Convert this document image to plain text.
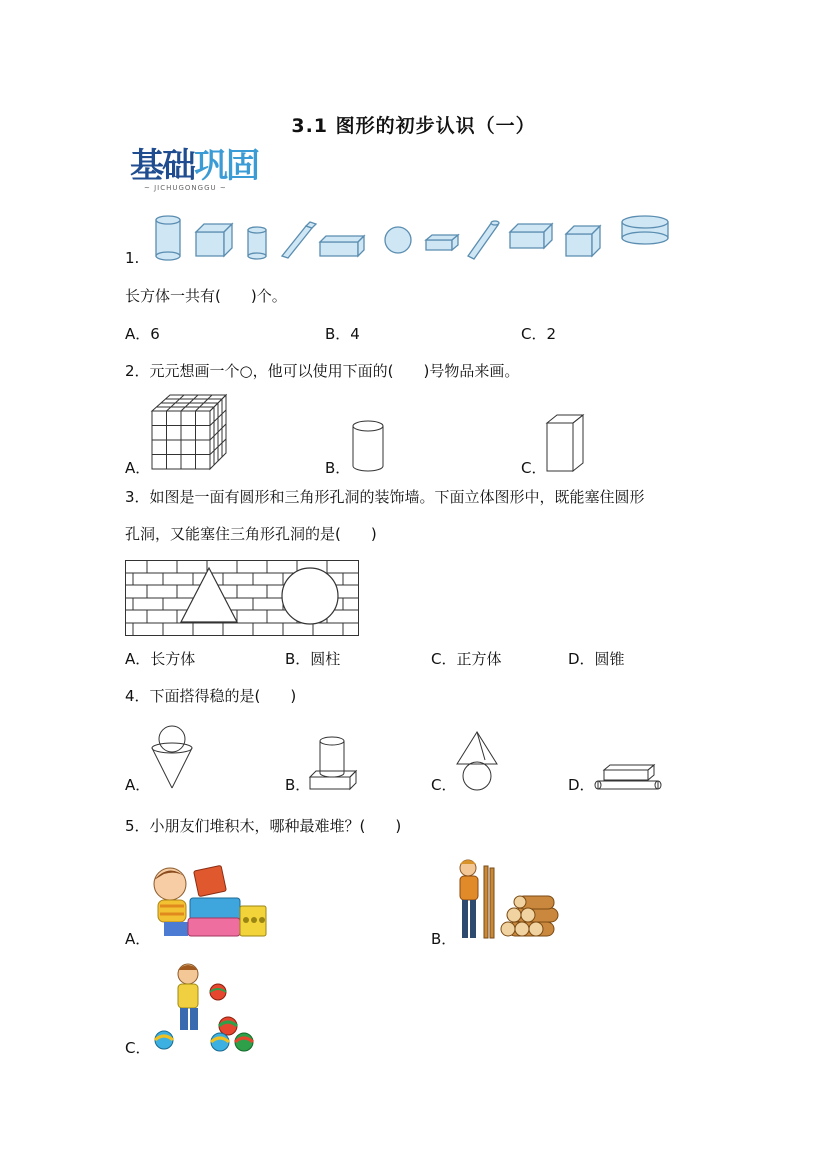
3.1 图形的初步认识（一）
基础巩固
~ JICHUGONGGU ~
1.
长方体一共有(　　)个。
A．6	B．4	C．2
2．元元想画一个○，他可以使用下面的(　　)号物品来画。
A．	B．	C．
3．如图是一面有圆形和三角形孔洞的装饰墙。下面立体图形中，既能塞住圆形
孔洞，又能塞住三角形孔洞的是(　　)
A．长方体	B．圆柱	C．正方体	D．圆锥
4．下面搭得稳的是(　　)
A．	B．	C．	D．
5．小朋友们堆积木，哪种最难堆？(　　)
A．	B．
C．
